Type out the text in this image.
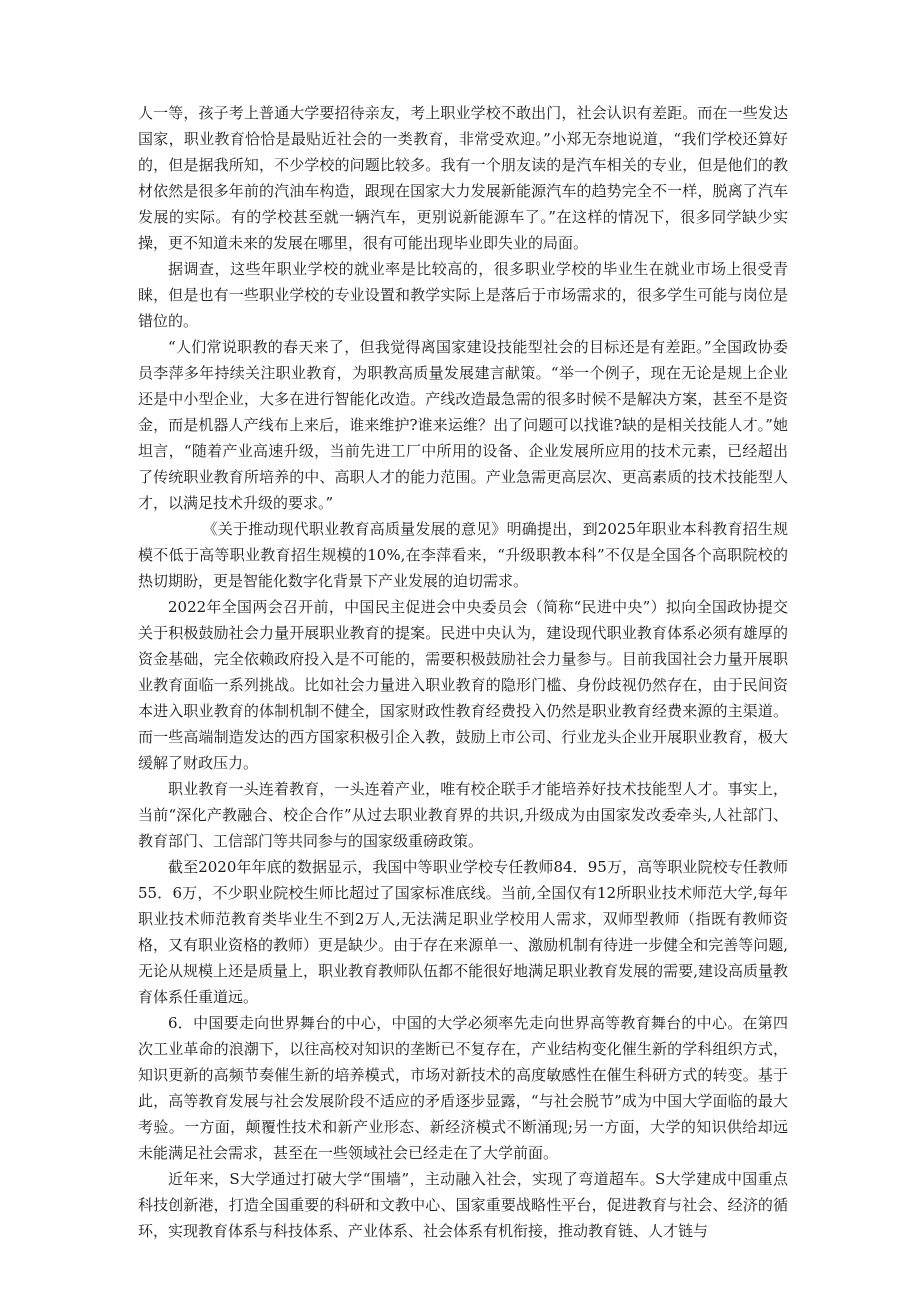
人一等，孩子考上普通大学要招待亲友，考上职业学校不敢出门，社会认识有差距。而在一些发达国家，职业教育恰恰是最贴近社会的一类教育，非常受欢迎。”小郑无奈地说道，“我们学校还算好的，但是据我所知，不少学校的问题比较多。我有一个朋友读的是汽车相关的专业，但是他们的教材依然是很多年前的汽油车构造，跟现在国家大力发展新能源汽车的趋势完全不一样，脱离了汽车发展的实际。有的学校甚至就一辆汽车，更别说新能源车了。”在这样的情况下，很多同学缺少实操，更不知道未来的发展在哪里，很有可能出现毕业即失业的局面。

据调查，这些年职业学校的就业率是比较高的，很多职业学校的毕业生在就业市场上很受青睐，但是也有一些职业学校的专业设置和教学实际上是落后于市场需求的，很多学生可能与岗位是错位的。

“人们常说职教的春天来了，但我觉得离国家建设技能型社会的目标还是有差距。”全国政协委员李萍多年持续关注职业教育，为职教高质量发展建言献策。“举一个例子，现在无论是规上企业还是中小型企业，大多在进行智能化改造。产线改造最急需的很多时候不是解决方案，甚至不是资金，而是机器人产线布上来后，谁来维护?谁来运维？出了问题可以找谁?缺的是相关技能人才。”她坦言，“随着产业高速升级，当前先进工厂中所用的设备、企业发展所应用的技术元素，已经超出了传统职业教育所培养的中、高职人才的能力范围。产业急需更高层次、更高素质的技术技能型人才，以满足技术升级的要求。”

《关于推动现代职业教育高质量发展的意见》明确提出，到2025年职业本科教育招生规模不低于高等职业教育招生规模的10%,在李萍看来，“升级职教本科”不仅是全国各个高职院校的热切期盼，更是智能化数字化背景下产业发展的迫切需求。

2022年全国两会召开前，中国民主促进会中央委员会（简称“民进中央”）拟向全国政协提交关于积极鼓励社会力量开展职业教育的提案。民进中央认为，建设现代职业教育体系必须有雄厚的资金基础，完全依赖政府投入是不可能的，需要积极鼓励社会力量参与。目前我国社会力量开展职业教育面临一系列挑战。比如社会力量进入职业教育的隐形门槛、身份歧视仍然存在，由于民间资本进入职业教育的体制机制不健全，国家财政性教育经费投入仍然是职业教育经费来源的主渠道。而一些高端制造发达的西方国家积极引企入教，鼓励上市公司、行业龙头企业开展职业教育，极大缓解了财政压力。

职业教育一头连着教育，一头连着产业，唯有校企联手才能培养好技术技能型人才。事实上，当前“深化产教融合、校企合作”从过去职业教育界的共识,升级成为由国家发改委牵头,人社部门、教育部门、工信部门等共同参与的国家级重磅政策。

截至2020年年底的数据显示，我国中等职业学校专任教师84．95万，高等职业院校专任教师55．6万，不少职业院校生师比超过了国家标准底线。当前,全国仅有12所职业技术师范大学,每年职业技术师范教育类毕业生不到2万人,无法满足职业学校用人需求，双师型教师（指既有教师资格，又有职业资格的教师）更是缺少。由于存在来源单一、激励机制有待进一步健全和完善等问题,无论从规模上还是质量上，职业教育教师队伍都不能很好地满足职业教育发展的需要,建设高质量教育体系任重道远。

6．中国要走向世界舞台的中心，中国的大学必须率先走向世界高等教育舞台的中心。在第四次工业革命的浪潮下，以往高校对知识的垄断已不复存在，产业结构变化催生新的学科组织方式，知识更新的高频节奏催生新的培养模式，市场对新技术的高度敏感性在催生科研方式的转变。基于此，高等教育发展与社会发展阶段不适应的矛盾逐步显露，“与社会脱节”成为中国大学面临的最大考验。一方面，颠覆性技术和新产业形态、新经济模式不断涌现;另一方面，大学的知识供给却远未能满足社会需求，甚至在一些领域社会已经走在了大学前面。

近年来，S大学通过打破大学“围墙”，主动融入社会，实现了弯道超车。S大学建成中国重点科技创新港，打造全国重要的科研和文教中心、国家重要战略性平台，促进教育与社会、经济的循环，实现教育体系与科技体系、产业体系、社会体系有机衔接，推动教育链、人才链与
